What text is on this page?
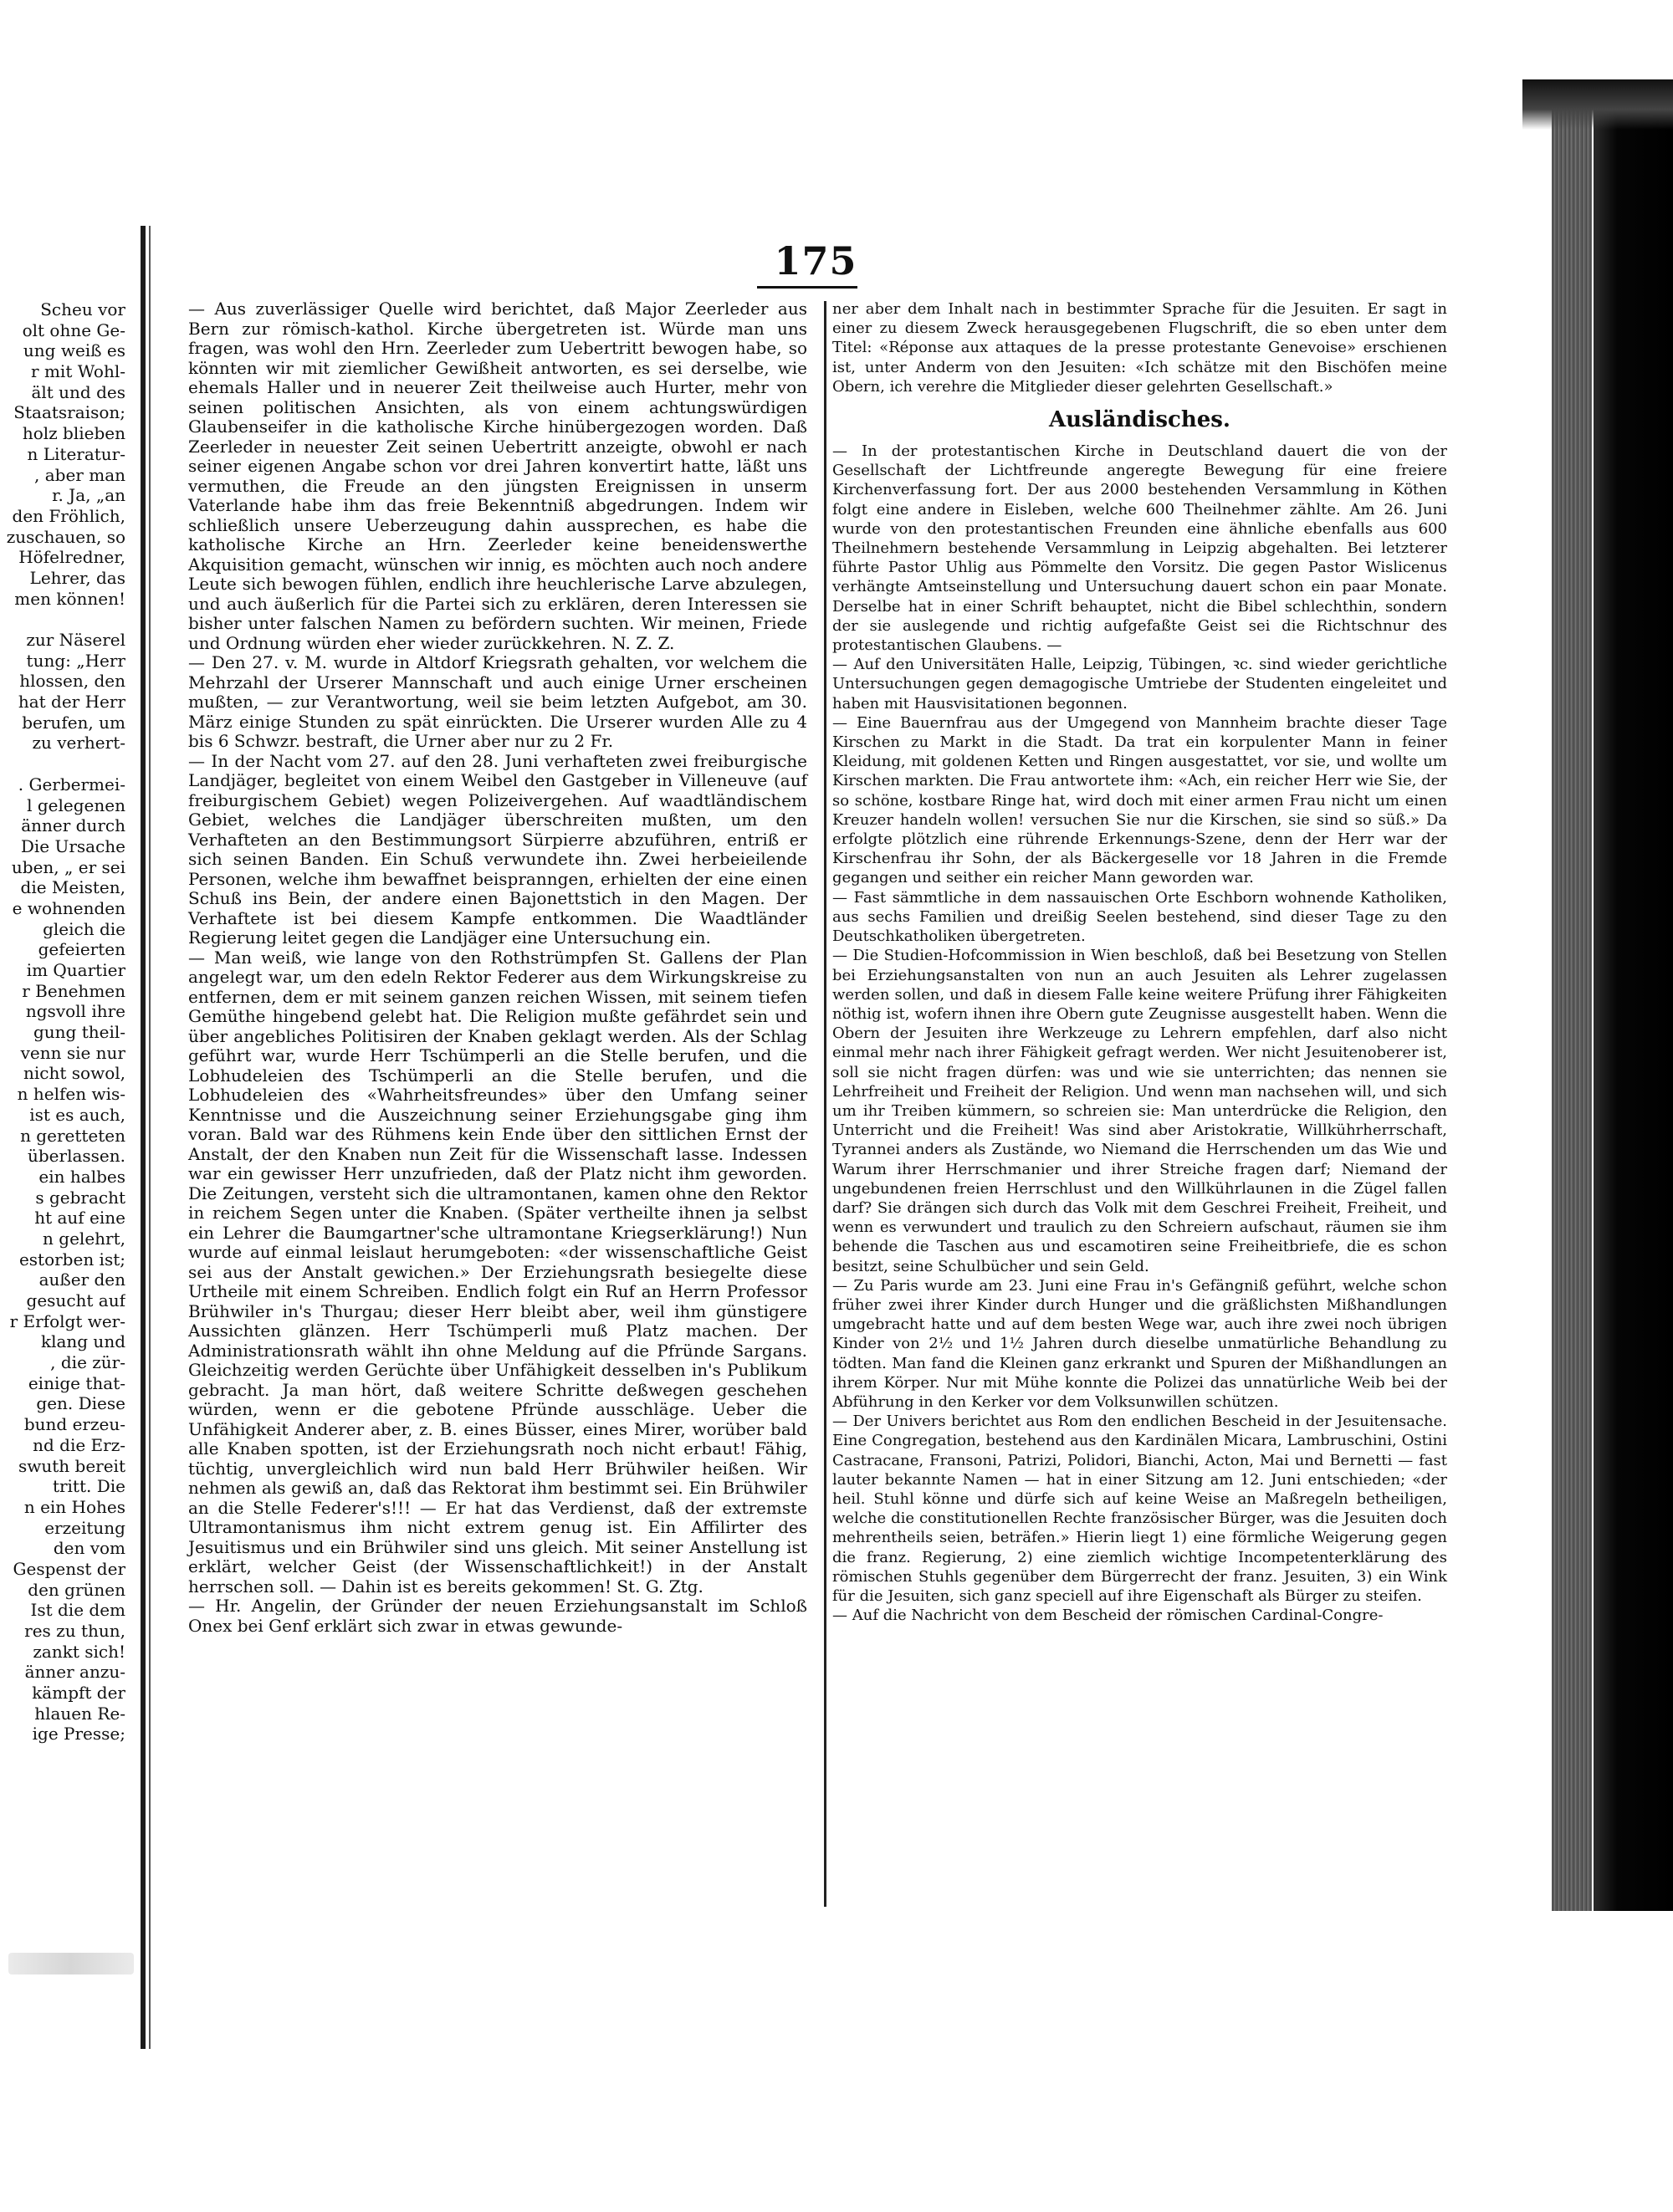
Scheu vor
olt ohne Ge-
ung weiß es
r mit Wohl-
ält und des
Staatsraison;
holz blieben
n Literatur-
, aber man
r. Ja, „an
den Fröhlich,
zuschauen, so
Höfelredner,
Lehrer, das
men können!
zur Näserel
tung: „Herr
hlossen, den
hat der Herr
berufen, um
zu verhert-
. Gerbermei-
l gelegenen
änner durch
Die Ursache
uben, „ er sei
die Meisten,
e wohnenden
gleich die
gefeierten
im Quartier
r Benehmen
ngsvoll ihre
gung theil-
venn sie nur
nicht sowol,
n helfen wis-
ist es auch,
n geretteten
überlassen.
ein halbes
s gebracht
ht auf eine
n gelehrt,
estorben ist;
außer den
gesucht auf
r Erfolgt wer-
klang und
, die zür-
einige that-
gen. Diese
bund erzeu-
nd die Erz-
swuth bereit
tritt. Die
n ein Hohes
erzeitung
den vom
Gespenst der
den grünen
Ist die dem
res zu thun,
zankt sich!
änner anzu-
kämpft der
hlauen Re-
ige Presse;
175

— Aus zuverlässiger Quelle wird berichtet, daß Major Zeerleder aus Bern zur römisch-kathol. Kirche übergetreten ist. Würde man uns fragen, was wohl den Hrn. Zeerleder zum Uebertritt bewogen habe, so könnten wir mit ziemlicher Gewißheit antworten, es sei derselbe, wie ehemals Haller und in neuerer Zeit theilweise auch Hurter, mehr von seinen politischen Ansichten, als von einem achtungswürdigen Glaubenseifer in die katholische Kirche hinübergezogen worden. Daß Zeerleder in neuester Zeit seinen Uebertritt anzeigte, obwohl er nach seiner eigenen Angabe schon vor drei Jahren konvertirt hatte, läßt uns vermuthen, die Freude an den jüngsten Ereignissen in unserm Vaterlande habe ihm das freie Bekenntniß abgedrungen. Indem wir schließlich unsere Ueberzeugung dahin aussprechen, es habe die katholische Kirche an Hrn. Zeerleder keine beneidenswerthe Akquisition gemacht, wünschen wir innig, es möchten auch noch andere Leute sich bewogen fühlen, endlich ihre heuchlerische Larve abzulegen, und auch äußerlich für die Partei sich zu erklären, deren Interessen sie bisher unter falschen Namen zu befördern suchten. Wir meinen, Friede und Ordnung würden eher wieder zurückkehren. N. Z. Z.

— Den 27. v. M. wurde in Altdorf Kriegsrath gehalten, vor welchem die Mehrzahl der Urserer Mannschaft und auch einige Urner erscheinen mußten, — zur Verantwortung, weil sie beim letzten Aufgebot, am 30. März einige Stunden zu spät einrückten. Die Urserer wurden Alle zu 4 bis 6 Schwzr. bestraft, die Urner aber nur zu 2 Fr.

— In der Nacht vom 27. auf den 28. Juni verhafteten zwei freiburgische Landjäger, begleitet von einem Weibel den Gastgeber in Villeneuve (auf freiburgischem Gebiet) wegen Polizeivergehen. Auf waadtländischem Gebiet, welches die Landjäger überschreiten mußten, um den Verhafteten an den Bestimmungsort Sürpierre abzuführen, entriß er sich seinen Banden. Ein Schuß verwundete ihn. Zwei herbeieilende Personen, welche ihm bewaffnet beispranngen, erhielten der eine einen Schuß ins Bein, der andere einen Bajonettstich in den Magen. Der Verhaftete ist bei diesem Kampfe entkommen. Die Waadtländer Regierung leitet gegen die Landjäger eine Untersuchung ein.

— Man weiß, wie lange von den Rothstrümpfen St. Gallens der Plan angelegt war, um den edeln Rektor Federer aus dem Wirkungskreise zu entfernen, dem er mit seinem ganzen reichen Wissen, mit seinem tiefen Gemüthe hingebend gelebt hat. Die Religion mußte gefährdet sein und über angebliches Politisiren der Knaben geklagt werden. Als der Schlag geführt war, wurde Herr Tschümperli an die Stelle berufen, und die Lobhudeleien des Tschümperli an die Stelle berufen, und die Lobhudeleien des «Wahrheitsfreundes» über den Umfang seiner Kenntnisse und die Auszeichnung seiner Erziehungsgabe ging ihm voran. Bald war des Rühmens kein Ende über den sittlichen Ernst der Anstalt, der den Knaben nun Zeit für die Wissenschaft lasse. Indessen war ein gewisser Herr unzufrieden, daß der Platz nicht ihm geworden. Die Zeitungen, versteht sich die ultramontanen, kamen ohne den Rektor in reichem Segen unter die Knaben. (Später vertheilte ihnen ja selbst ein Lehrer die Baumgartner'sche ultramontane Kriegserklärung!) Nun wurde auf einmal leislaut herumgeboten: «der wissenschaftliche Geist sei aus der Anstalt gewichen.» Der Erziehungsrath besiegelte diese Urtheile mit einem Schreiben. Endlich folgt ein Ruf an Herrn Professor Brühwiler in's Thurgau; dieser Herr bleibt aber, weil ihm günstigere Aussichten glänzen. Herr Tschümperli muß Platz machen. Der Administrationsrath wählt ihn ohne Meldung auf die Pfründe Sargans. Gleichzeitig werden Gerüchte über Unfähigkeit desselben in's Publikum gebracht. Ja man hört, daß weitere Schritte deßwegen geschehen würden, wenn er die gebotene Pfründe ausschläge. Ueber die Unfähigkeit Anderer aber, z. B. eines Büsser, eines Mirer, worüber bald alle Knaben spotten, ist der Erziehungsrath noch nicht erbaut! Fähig, tüchtig, unvergleichlich wird nun bald Herr Brühwiler heißen. Wir nehmen als gewiß an, daß das Rektorat ihm bestimmt sei. Ein Brühwiler an die Stelle Federer's!!! — Er hat das Verdienst, daß der extremste Ultramontanismus ihm nicht extrem genug ist. Ein Affilirter des Jesuitismus und ein Brühwiler sind uns gleich. Mit seiner Anstellung ist erklärt, welcher Geist (der Wissenschaftlichkeit!) in der Anstalt herrschen soll. — Dahin ist es bereits gekommen! St. G. Ztg.

— Hr. Angelin, der Gründer der neuen Erziehungsanstalt im Schloß Onex bei Genf erklärt sich zwar in etwas gewunde-

ner aber dem Inhalt nach in bestimmter Sprache für die Jesuiten. Er sagt in einer zu diesem Zweck herausgegebenen Flugschrift, die so eben unter dem Titel: «Réponse aux attaques de la presse protestante Genevoise» erschienen ist, unter Anderm von den Jesuiten: «Ich schätze mit den Bischöfen meine Obern, ich verehre die Mitglieder dieser gelehrten Gesellschaft.»

Ausländisches.

— In der protestantischen Kirche in Deutschland dauert die von der Gesellschaft der Lichtfreunde angeregte Bewegung für eine freiere Kirchenverfassung fort. Der aus 2000 bestehenden Versammlung in Köthen folgt eine andere in Eisleben, welche 600 Theilnehmer zählte. Am 26. Juni wurde von den protestantischen Freunden eine ähnliche ebenfalls aus 600 Theilnehmern bestehende Versammlung in Leipzig abgehalten. Bei letzterer führte Pastor Uhlig aus Pömmelte den Vorsitz. Die gegen Pastor Wislicenus verhängte Amtseinstellung und Untersuchung dauert schon ein paar Monate. Derselbe hat in einer Schrift behauptet, nicht die Bibel schlechthin, sondern der sie auslegende und richtig aufgefaßte Geist sei die Richtschnur des protestantischen Glaubens. —

— Auf den Universitäten Halle, Leipzig, Tübingen, ꝛc. sind wieder gerichtliche Untersuchungen gegen demagogische Umtriebe der Studenten eingeleitet und haben mit Hausvisitationen begonnen.

— Eine Bauernfrau aus der Umgegend von Mannheim brachte dieser Tage Kirschen zu Markt in die Stadt. Da trat ein korpulenter Mann in feiner Kleidung, mit goldenen Ketten und Ringen ausgestattet, vor sie, und wollte um Kirschen markten. Die Frau antwortete ihm: «Ach, ein reicher Herr wie Sie, der so schöne, kostbare Ringe hat, wird doch mit einer armen Frau nicht um einen Kreuzer handeln wollen! versuchen Sie nur die Kirschen, sie sind so süß.» Da erfolgte plötzlich eine rührende Erkennungs-Szene, denn der Herr war der Kirschenfrau ihr Sohn, der als Bäckergeselle vor 18 Jahren in die Fremde gegangen und seither ein reicher Mann geworden war.

— Fast sämmtliche in dem nassauischen Orte Eschborn wohnende Katholiken, aus sechs Familien und dreißig Seelen bestehend, sind dieser Tage zu den Deutschkatholiken übergetreten.

— Die Studien-Hofcommission in Wien beschloß, daß bei Besetzung von Stellen bei Erziehungsanstalten von nun an auch Jesuiten als Lehrer zugelassen werden sollen, und daß in diesem Falle keine weitere Prüfung ihrer Fähigkeiten nöthig ist, wofern ihnen ihre Obern gute Zeugnisse ausgestellt haben. Wenn die Obern der Jesuiten ihre Werkzeuge zu Lehrern empfehlen, darf also nicht einmal mehr nach ihrer Fähigkeit gefragt werden. Wer nicht Jesuitenoberer ist, soll sie nicht fragen dürfen: was und wie sie unterrichten; das nennen sie Lehrfreiheit und Freiheit der Religion. Und wenn man nachsehen will, und sich um ihr Treiben kümmern, so schreien sie: Man unterdrücke die Religion, den Unterricht und die Freiheit! Was sind aber Aristokratie, Willkührherrschaft, Tyrannei anders als Zustände, wo Niemand die Herrschenden um das Wie und Warum ihrer Herrschmanier und ihrer Streiche fragen darf; Niemand der ungebundenen freien Herrschlust und den Willkührlaunen in die Zügel fallen darf? Sie drängen sich durch das Volk mit dem Geschrei Freiheit, Freiheit, und wenn es verwundert und traulich zu den Schreiern aufschaut, räumen sie ihm behende die Taschen aus und escamotiren seine Freiheitbriefe, die es schon besitzt, seine Schulbücher und sein Geld.

— Zu Paris wurde am 23. Juni eine Frau in's Gefängniß geführt, welche schon früher zwei ihrer Kinder durch Hunger und die gräßlichsten Mißhandlungen umgebracht hatte und auf dem besten Wege war, auch ihre zwei noch übrigen Kinder von 2½ und 1½ Jahren durch dieselbe unmatürliche Behandlung zu tödten. Man fand die Kleinen ganz erkrankt und Spuren der Mißhandlungen an ihrem Körper. Nur mit Mühe konnte die Polizei das unnatürliche Weib bei der Abführung in den Kerker vor dem Volksunwillen schützen.

— Der Univers berichtet aus Rom den endlichen Bescheid in der Jesuitensache. Eine Congregation, bestehend aus den Kardinälen Micara, Lambruschini, Ostini Castracane, Fransoni, Patrizi, Polidori, Bianchi, Acton, Mai und Bernetti — fast lauter bekannte Namen — hat in einer Sitzung am 12. Juni entschieden; «der heil. Stuhl könne und dürfe sich auf keine Weise an Maßregeln betheiligen, welche die constitutionellen Rechte französischer Bürger, was die Jesuiten doch mehrentheils seien, beträfen.» Hierin liegt 1) eine förmliche Weigerung gegen die franz. Regierung, 2) eine ziemlich wichtige Incompetenterklärung des römischen Stuhls gegenüber dem Bürgerrecht der franz. Jesuiten, 3) ein Wink für die Jesuiten, sich ganz speciell auf ihre Eigenschaft als Bürger zu steifen.

— Auf die Nachricht von dem Bescheid der römischen Cardinal-Congre-
